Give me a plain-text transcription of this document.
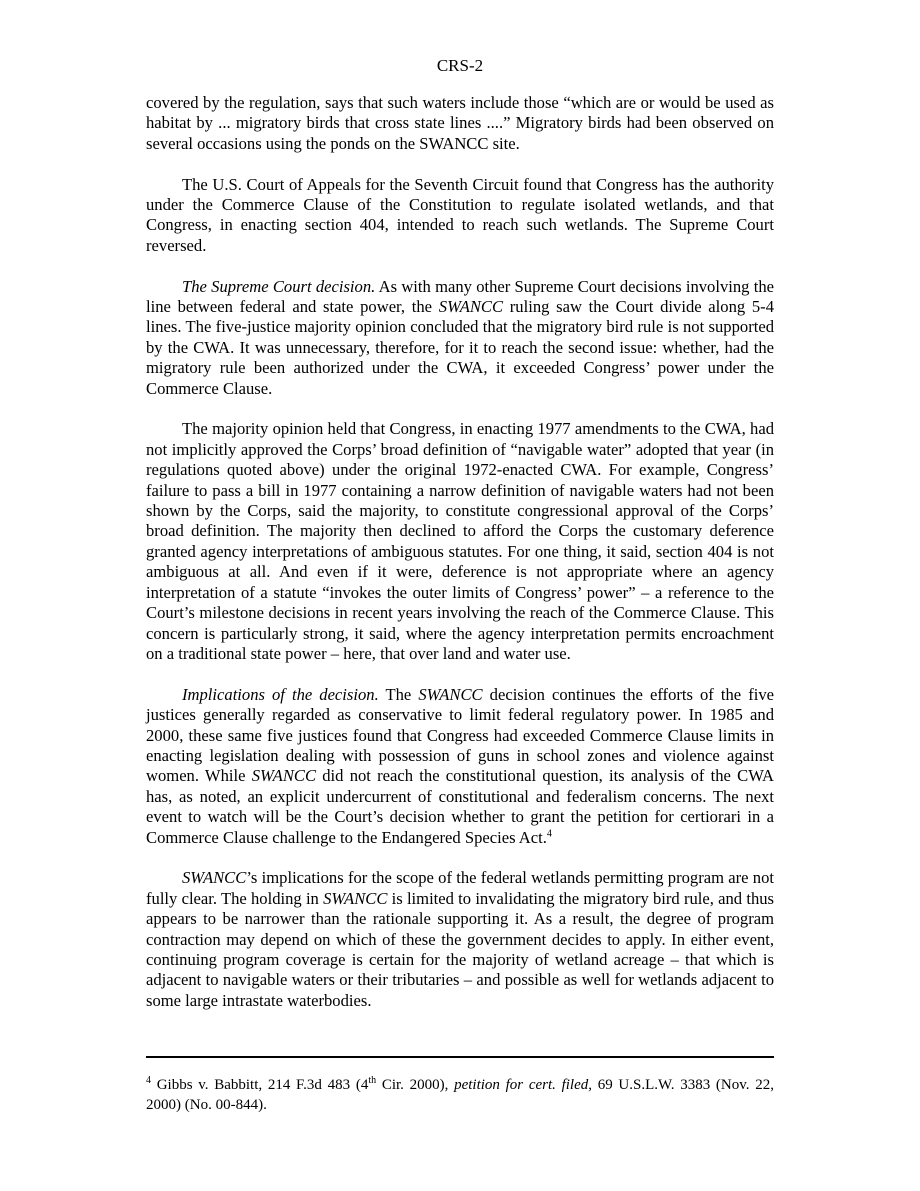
CRS-2

covered by the regulation, says that such waters include those “which are or would be used as habitat by ... migratory birds that cross state lines ....” Migratory birds had been observed on several occasions using the ponds on the SWANCC site.

The U.S. Court of Appeals for the Seventh Circuit found that Congress has the authority under the Commerce Clause of the Constitution to regulate isolated wetlands, and that Congress, in enacting section 404, intended to reach such wetlands. The Supreme Court reversed.

The Supreme Court decision. As with many other Supreme Court decisions involving the line between federal and state power, the SWANCC ruling saw the Court divide along 5-4 lines. The five-justice majority opinion concluded that the migratory bird rule is not supported by the CWA. It was unnecessary, therefore, for it to reach the second issue: whether, had the migratory rule been authorized under the CWA, it exceeded Congress’ power under the Commerce Clause.

The majority opinion held that Congress, in enacting 1977 amendments to the CWA, had not implicitly approved the Corps’ broad definition of “navigable water” adopted that year (in regulations quoted above) under the original 1972-enacted CWA. For example, Congress’ failure to pass a bill in 1977 containing a narrow definition of navigable waters had not been shown by the Corps, said the majority, to constitute congressional approval of the Corps’ broad definition. The majority then declined to afford the Corps the customary deference granted agency interpretations of ambiguous statutes. For one thing, it said, section 404 is not ambiguous at all. And even if it were, deference is not appropriate where an agency interpretation of a statute “invokes the outer limits of Congress’ power” – a reference to the Court’s milestone decisions in recent years involving the reach of the Commerce Clause. This concern is particularly strong, it said, where the agency interpretation permits encroachment on a traditional state power – here, that over land and water use.

Implications of the decision. The SWANCC decision continues the efforts of the five justices generally regarded as conservative to limit federal regulatory power. In 1985 and 2000, these same five justices found that Congress had exceeded Commerce Clause limits in enacting legislation dealing with possession of guns in school zones and violence against women. While SWANCC did not reach the constitutional question, its analysis of the CWA has, as noted, an explicit undercurrent of constitutional and federalism concerns. The next event to watch will be the Court’s decision whether to grant the petition for certiorari in a Commerce Clause challenge to the Endangered Species Act.$^4$

SWANCC’s implications for the scope of the federal wetlands permitting program are not fully clear. The holding in SWANCC is limited to invalidating the migratory bird rule, and thus appears to be narrower than the rationale supporting it. As a result, the degree of program contraction may depend on which of these the government decides to apply. In either event, continuing program coverage is certain for the majority of wetland acreage – that which is adjacent to navigable waters or their tributaries – and possible as well for wetlands adjacent to some large intrastate waterbodies.

$^4$ Gibbs v. Babbitt, 214 F.3d 483 (4th Cir. 2000), petition for cert. filed, 69 U.S.L.W. 3383 (Nov. 22, 2000) (No. 00-844).
